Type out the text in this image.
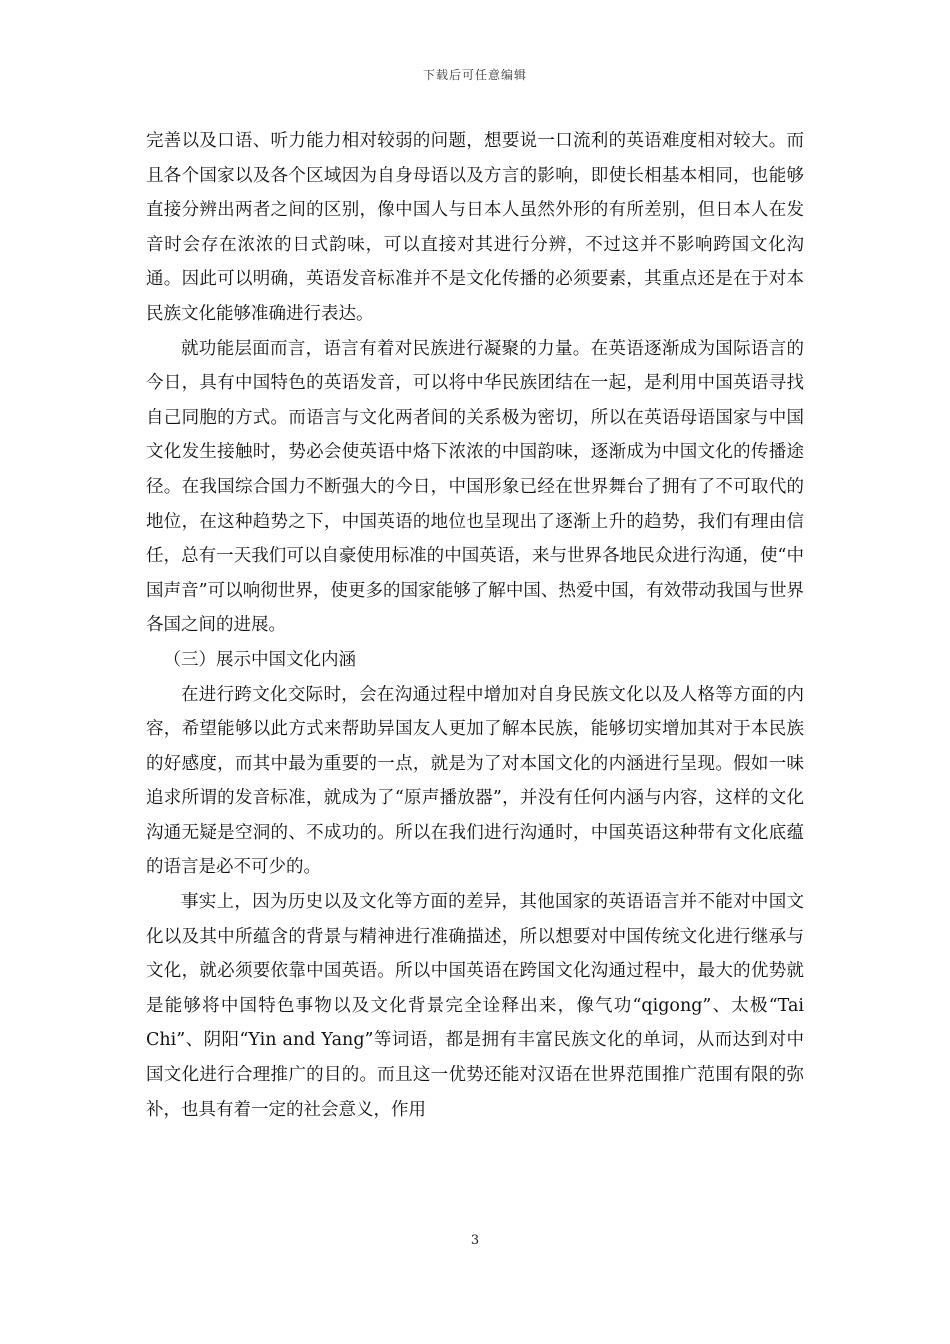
下载后可任意编辑

完善以及口语、听力能力相对较弱的问题，想要说一口流利的英语难度相对较大。而且各个国家以及各个区域因为自身母语以及方言的影响，即使长相基本相同，也能够直接分辨出两者之间的区别，像中国人与日本人虽然外形的有所差别，但日本人在发音时会存在浓浓的日式韵味，可以直接对其进行分辨，不过这并不影响跨国文化沟通。因此可以明确，英语发音标准并不是文化传播的必须要素，其重点还是在于对本民族文化能够准确进行表达。

就功能层面而言，语言有着对民族进行凝聚的力量。在英语逐渐成为国际语言的今日，具有中国特色的英语发音，可以将中华民族团结在一起，是利用中国英语寻找自己同胞的方式。而语言与文化两者间的关系极为密切，所以在英语母语国家与中国文化发生接触时，势必会使英语中烙下浓浓的中国韵味，逐渐成为中国文化的传播途径。在我国综合国力不断强大的今日，中国形象已经在世界舞台了拥有了不可取代的地位，在这种趋势之下，中国英语的地位也呈现出了逐渐上升的趋势，我们有理由信任，总有一天我们可以自豪使用标准的中国英语，来与世界各地民众进行沟通，使“中国声音”可以响彻世界，使更多的国家能够了解中国、热爱中国，有效带动我国与世界各国之间的进展。

（三）展示中国文化内涵

在进行跨文化交际时，会在沟通过程中增加对自身民族文化以及人格等方面的内容，希望能够以此方式来帮助异国友人更加了解本民族，能够切实增加其对于本民族的好感度，而其中最为重要的一点，就是为了对本国文化的内涵进行呈现。假如一味追求所谓的发音标准，就成为了“原声播放器”，并没有任何内涵与内容，这样的文化沟通无疑是空洞的、不成功的。所以在我们进行沟通时，中国英语这种带有文化底蕴的语言是必不可少的。

事实上，因为历史以及文化等方面的差异，其他国家的英语语言并不能对中国文化以及其中所蕴含的背景与精神进行准确描述，所以想要对中国传统文化进行继承与文化，就必须要依靠中国英语。所以中国英语在跨国文化沟通过程中，最大的优势就是能够将中国特色事物以及文化背景完全诠释出来，像气功“qigong”、太极“Tai Chi”、阴阳“Yin and Yang”等词语，都是拥有丰富民族文化的单词，从而达到对中国文化进行合理推广的目的。而且这一优势还能对汉语在世界范围推广范围有限的弥补，也具有着一定的社会意义，作用

3
